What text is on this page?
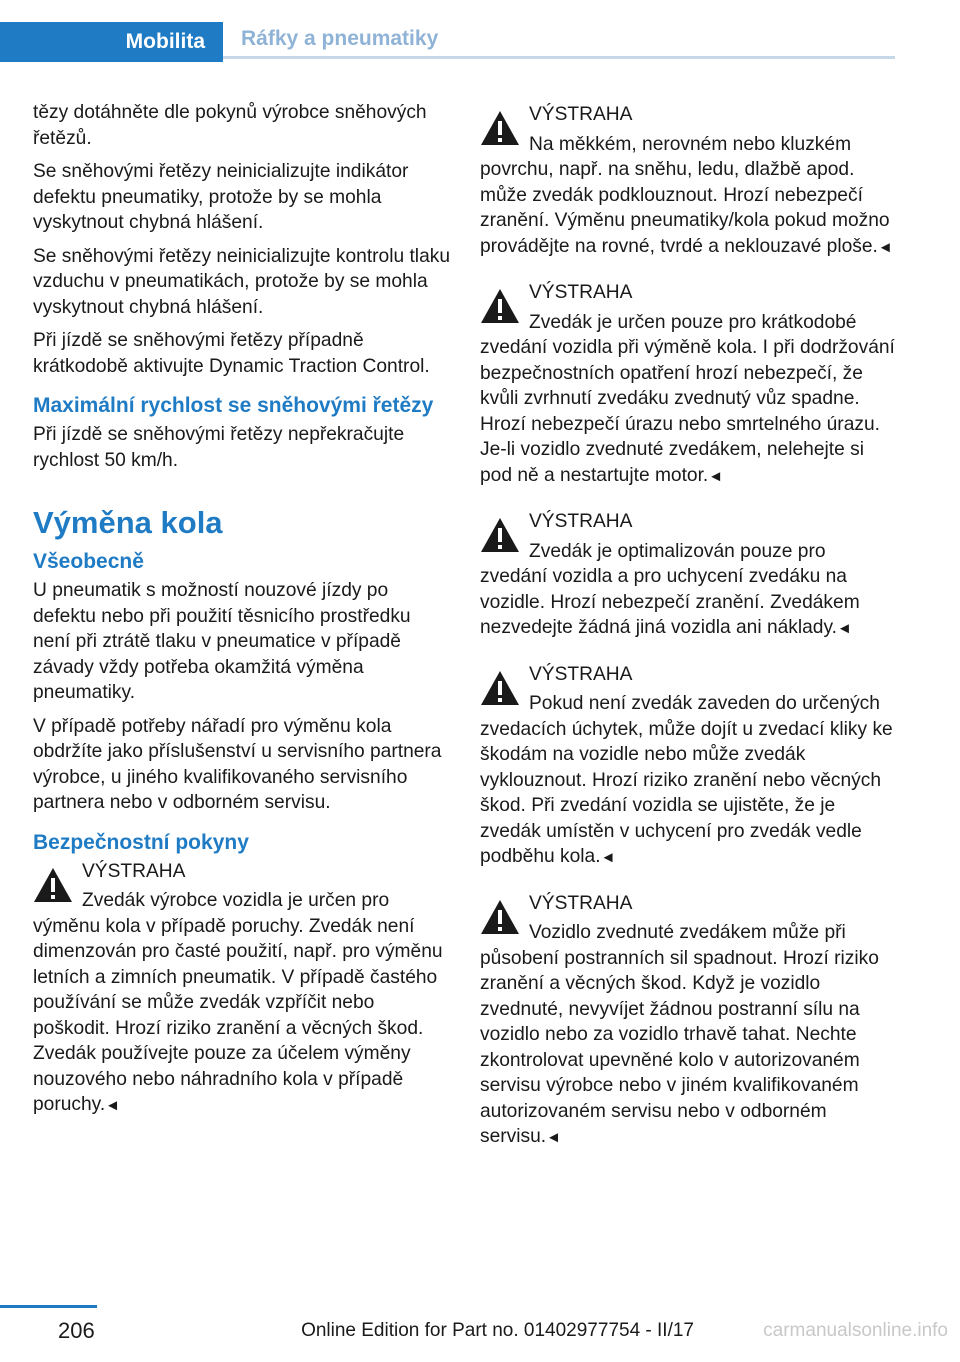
Mobilita	Ráfky a pneumatiky

tězy dotáhněte dle pokynů výrobce sněhových řetězů.

Se sněhovými řetězy neinicializujte indikátor defektu pneumatiky, protože by se mohla vyskytnout chybná hlášení.

Se sněhovými řetězy neinicializujte kontrolu tlaku vzduchu v pneumatikách, protože by se mohla vyskytnout chybná hlášení.

Při jízdě se sněhovými řetězy případně krátkodobě aktivujte Dynamic Traction Control.

Maximální rychlost se sněhovými řetězy

Při jízdě se sněhovými řetězy nepřekračujte rychlost 50 km/h.

Výměna kola
Všeobecně

U pneumatik s možností nouzové jízdy po defektu nebo při použití těsnicího prostředku není při ztrátě tlaku v pneumatice v případě závady vždy potřeba okamžitá výměna pneumatiky.

V případě potřeby nářadí pro výměnu kola obdržíte jako příslušenství u servisního partnera výrobce, u jiného kvalifikovaného servisního partnera nebo v odborném servisu.

Bezpečnostní pokyny

VÝSTRAHA

Zvedák výrobce vozidla je určen pro výměnu kola v případě poruchy. Zvedák není dimenzován pro časté použití, např. pro výměnu letních a zimních pneumatik. V případě častého používání se může zvedák vzpříčit nebo poškodit. Hrozí riziko zranění a věcných škod. Zvedák používejte pouze za účelem výměny nouzového nebo náhradního kola v případě poruchy.◄

VÝSTRAHA

Na měkkém, nerovném nebo kluzkém povrchu, např. na sněhu, ledu, dlažbě apod. může zvedák podklouznout. Hrozí nebezpečí zranění. Výměnu pneumatiky/kola pokud možno provádějte na rovné, tvrdé a neklouzavé ploše.◄

VÝSTRAHA

Zvedák je určen pouze pro krátkodobé zvedání vozidla při výměně kola. I při dodržování bezpečnostních opatření hrozí nebezpečí, že kvůli zvrhnutí zvedáku zvednutý vůz spadne. Hrozí nebezpečí úrazu nebo smrtelného úrazu. Je-li vozidlo zvednuté zvedákem, nelehejte si pod ně a nestartujte motor.◄

VÝSTRAHA

Zvedák je optimalizován pouze pro zvedání vozidla a pro uchycení zvedáku na vozidle. Hrozí nebezpečí zranění. Zvedákem nezvedejte žádná jiná vozidla ani náklady.◄

VÝSTRAHA

Pokud není zvedák zaveden do určených zvedacích úchytek, může dojít u zvedací kliky ke škodám na vozidle nebo může zvedák vyklouznout. Hrozí riziko zranění nebo věcných škod. Při zvedání vozidla se ujistěte, že je zvedák umístěn v uchycení pro zvedák vedle podběhu kola.◄

VÝSTRAHA

Vozidlo zvednuté zvedákem může při působení postranních sil spadnout. Hrozí riziko zranění a věcných škod. Když je vozidlo zvednuté, nevyvíjet žádnou postranní sílu na vozidlo nebo za vozidlo trhavě tahat. Nechte zkontrolovat upevněné kolo v autorizovaném servisu výrobce nebo v jiném kvalifikovaném autorizovaném servisu nebo v odborném servisu.◄

206	Online Edition for Part no. 01402977754 - II/17	carmanualsonline.info
